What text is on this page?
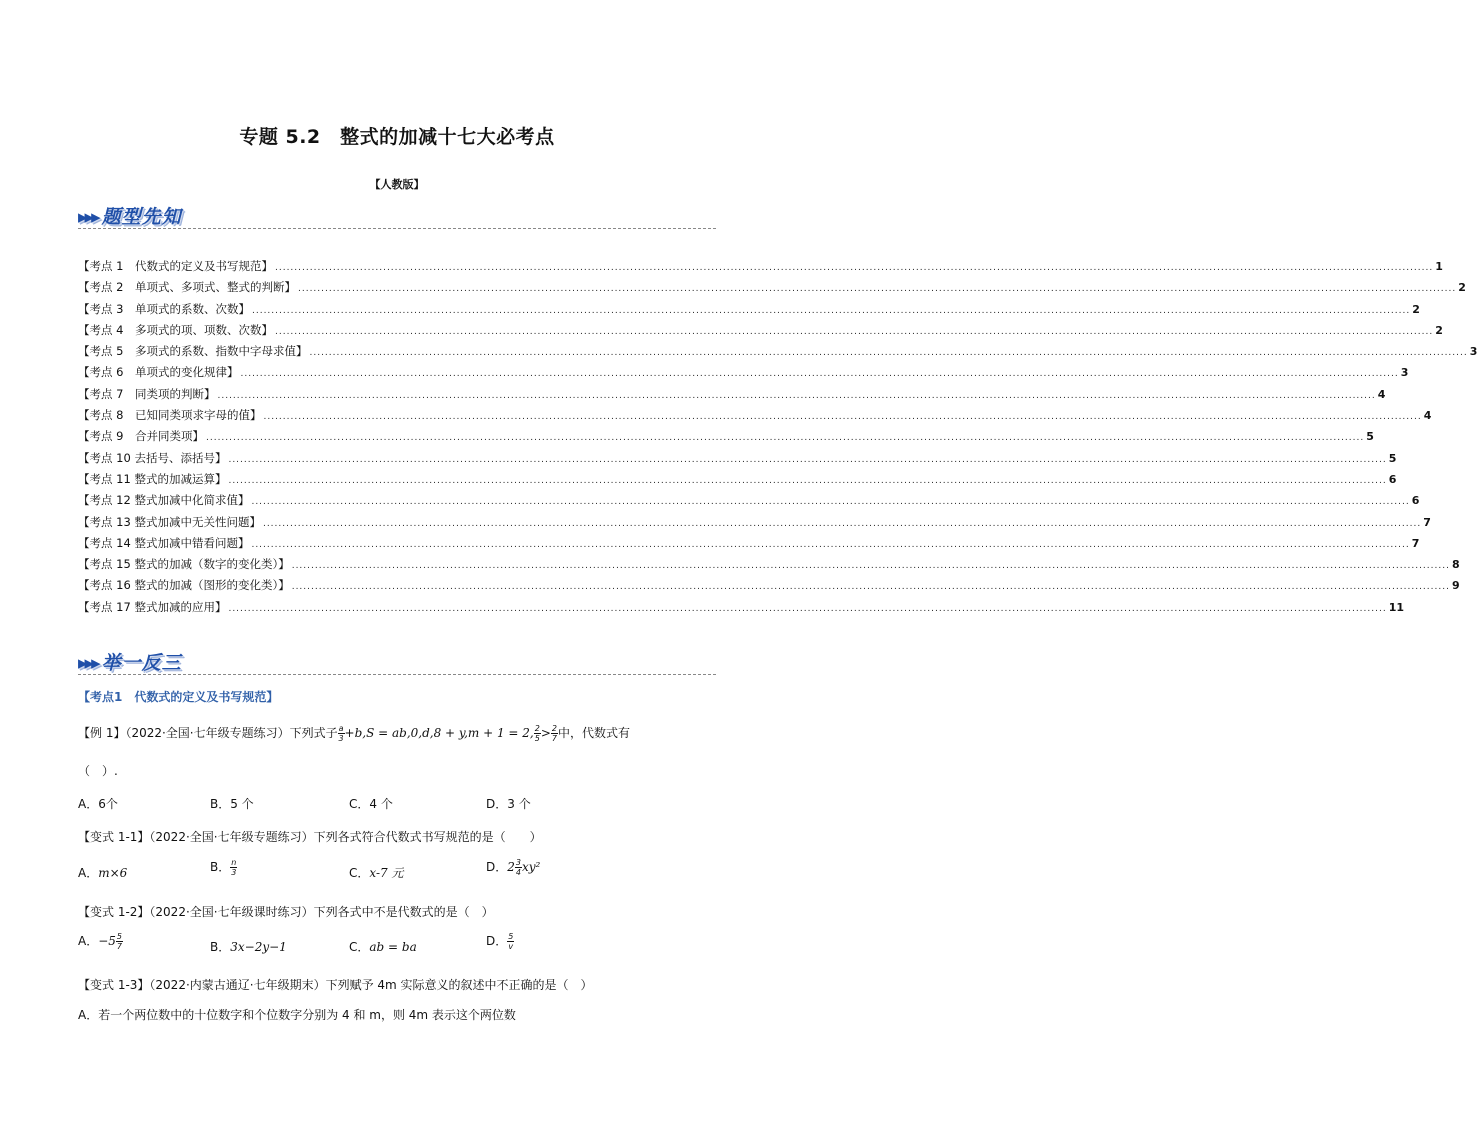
专题 5.2　整式的加减十七大必考点
【人教版】
▸▸▸ 题型先知
【考点 1　代数式的定义及书写规范】 ............................................................................................................................................................................................................................................................................................................ 1
【考点 2　单项式、多项式、整式的判断】 ............................................................................................................................................................................................................................................................................................................ 2
【考点 3　单项式的系数、次数】 ............................................................................................................................................................................................................................................................................................................ 2
【考点 4　多项式的项、项数、次数】 ............................................................................................................................................................................................................................................................................................................ 2
【考点 5　多项式的系数、指数中字母求值】 ............................................................................................................................................................................................................................................................................................................ 3
【考点 6　单项式的变化规律】 ............................................................................................................................................................................................................................................................................................................ 3
【考点 7　同类项的判断】 ............................................................................................................................................................................................................................................................................................................ 4
【考点 8　已知同类项求字母的值】 ............................................................................................................................................................................................................................................................................................................ 4
【考点 9　合并同类项】 ............................................................................................................................................................................................................................................................................................................ 5
【考点 10 去括号、添括号】 ............................................................................................................................................................................................................................................................................................................ 5
【考点 11 整式的加减运算】 ............................................................................................................................................................................................................................................................................................................ 6
【考点 12 整式加减中化简求值】 ............................................................................................................................................................................................................................................................................................................ 6
【考点 13 整式加减中无关性问题】 ............................................................................................................................................................................................................................................................................................................ 7
【考点 14 整式加减中错看问题】 ............................................................................................................................................................................................................................................................................................................ 7
【考点 15 整式的加减（数字的变化类）】 ............................................................................................................................................................................................................................................................................................................ 8
【考点 16 整式的加减（图形的变化类）】 ............................................................................................................................................................................................................................................................................................................ 9
【考点 17 整式加减的应用】 ............................................................................................................................................................................................................................................................................................................ 11
▸▸▸ 举一反三
【考点1　代数式的定义及书写规范】
【例 1】（2022·全国·七年级专题练习）下列式子 $\frac{a}{3} +b,S = ab,0,d,8 + y,m + 1 = 2$, $\frac{2}{5} > \frac{2}{7}$ 中，代数式有
（　）.
A．6个	B．5 个	C．4 个	D．3 个
【变式 1-1】（2022·全国·七年级专题练习）下列各式符合代数式书写规范的是（　　）
A．m×6	B． $\frac{n}{3}$	C．x-7 元	D．$2 \frac{3}{4} xy^2$
【变式 1-2】（2022·全国·七年级课时练习）下列各式中不是代数式的是（　）
A．$-5 \frac{5}{7}$	B．3x−2y−1	C．ab = ba	D． $\frac{5}{v}$
【变式 1-3】（2022·内蒙古通辽·七年级期末）下列赋予 4m 实际意义的叙述中不正确的是（　）
A．若一个两位数中的十位数字和个位数字分别为 4 和 m，则 4m 表示这个两位数
